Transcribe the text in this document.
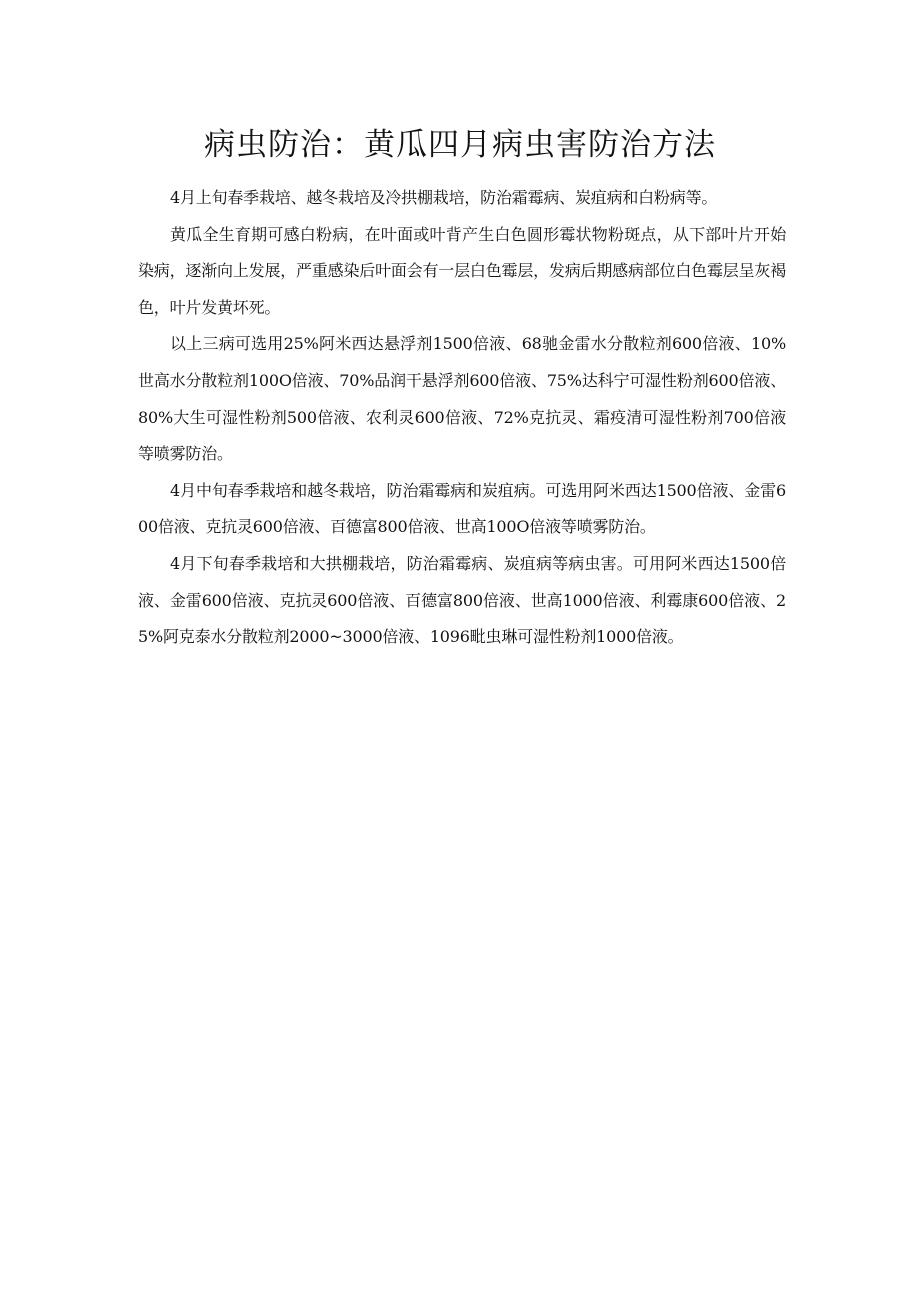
病虫防治：黄瓜四月病虫害防治方法

4月上旬春季栽培、越冬栽培及冷拱棚栽培，防治霜霉病、炭疽病和白粉病等。

黄瓜全生育期可感白粉病，在叶面或叶背产生白色圆形霉状物粉斑点，从下部叶片开始染病，逐渐向上发展，严重感染后叶面会有一层白色霉层，发病后期感病部位白色霉层呈灰褐色，叶片发黄坏死。

以上三病可选用25%阿米西达悬浮剂1500倍液、68驰金雷水分散粒剂600倍液、10%世高水分散粒剂100O倍液、70%品润干悬浮剂600倍液、75%达科宁可湿性粉剂600倍液、80%大生可湿性粉剂500倍液、农利灵600倍液、72%克抗灵、霜疫清可湿性粉剂700倍液等喷雾防治。

4月中旬春季栽培和越冬栽培，防治霜霉病和炭疽病。可选用阿米西达1500倍液、金雷600倍液、克抗灵600倍液、百德富800倍液、世高100O倍液等喷雾防治。

4月下旬春季栽培和大拱棚栽培，防治霜霉病、炭疽病等病虫害。可用阿米西达1500倍液、金雷600倍液、克抗灵600倍液、百德富800倍液、世高1000倍液、利霉康600倍液、25%阿克泰水分散粒剂2000~3000倍液、1096毗虫琳可湿性粉剂1000倍液。
